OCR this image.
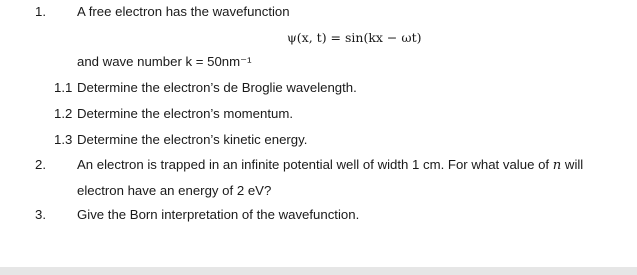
1. A free electron has the wavefunction
ψ(x, t) = sin(kx − ωt)
and wave number k = 50nm⁻¹
1.1 Determine the electron’s de Broglie wavelength.
1.2 Determine the electron’s momentum.
1.3 Determine the electron’s kinetic energy.
2. An electron is trapped in an infinite potential well of width 1 cm. For what value of n will
electron have an energy of 2 eV?
3. Give the Born interpretation of the wavefunction.
